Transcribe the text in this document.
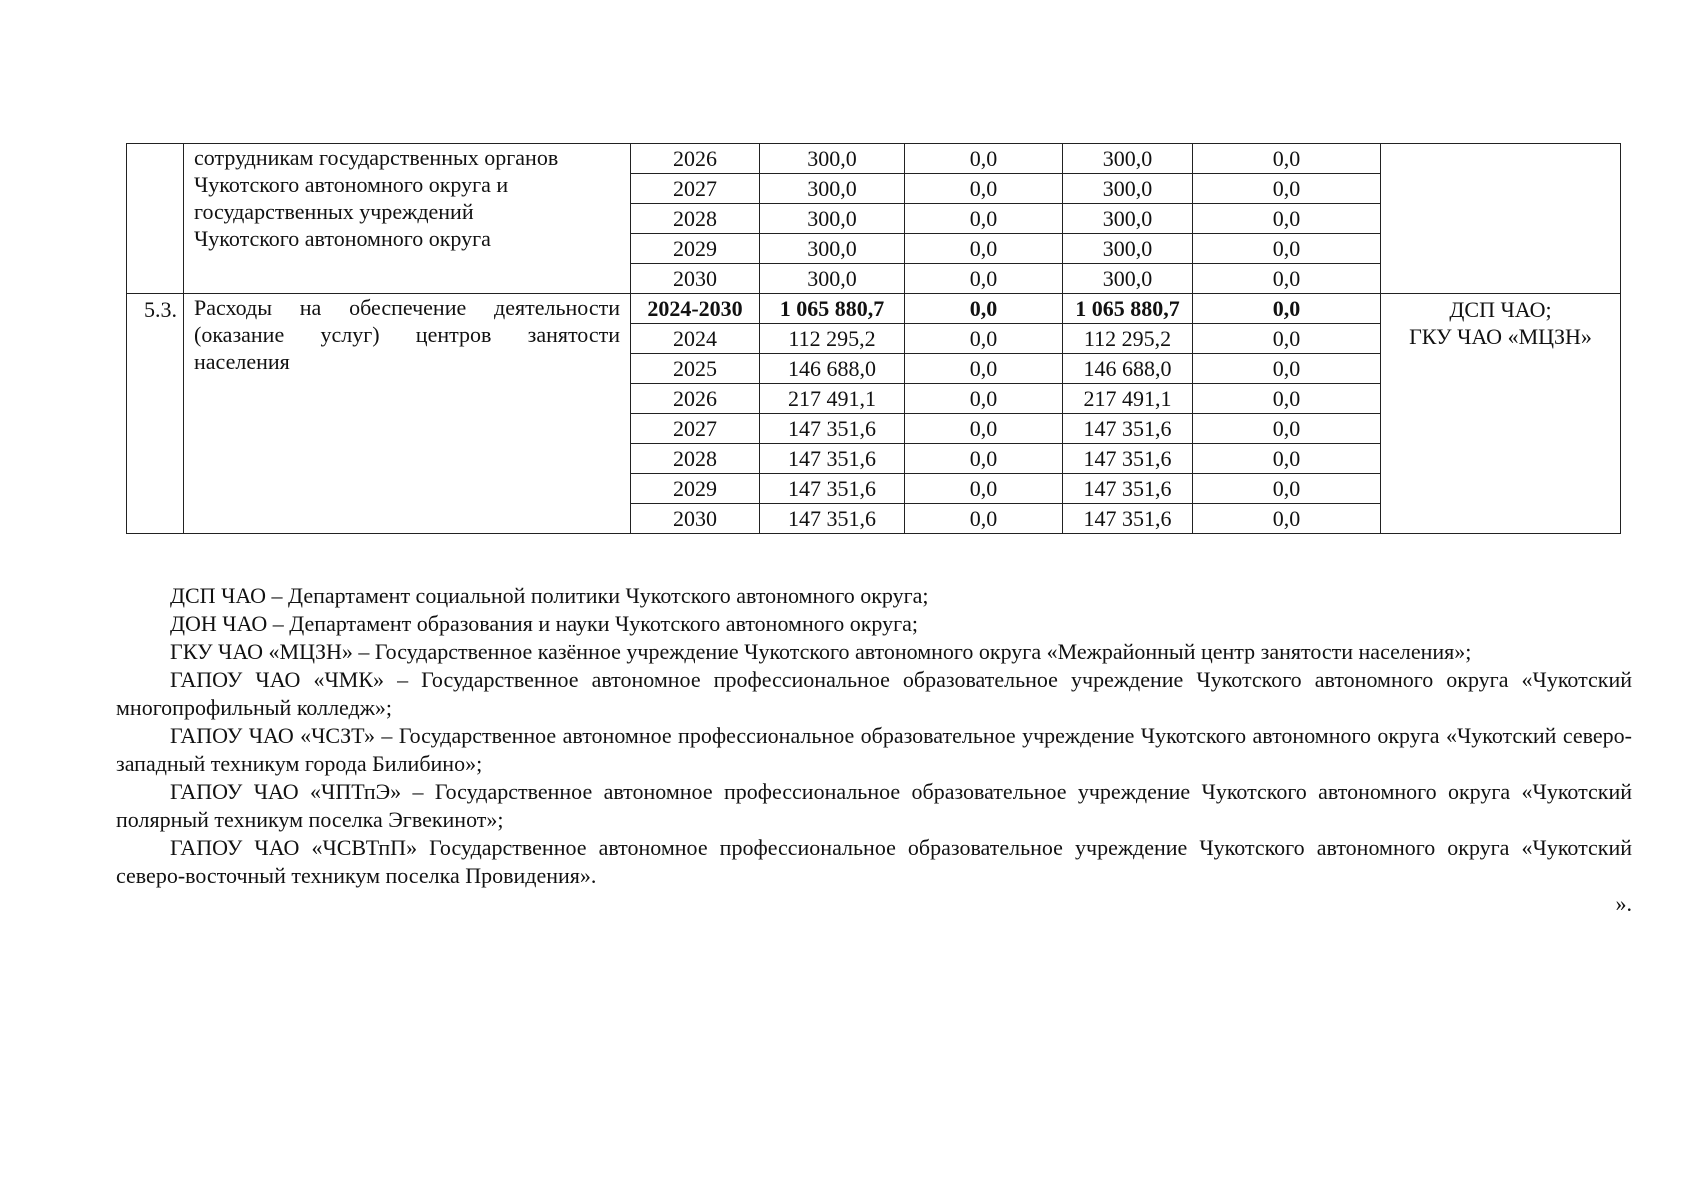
	сотрудникам государственных органов
Чукотского автономного округа и
государственных учреждений
Чукотского автономного округа	2026	300,0	0,0	300,0	0,0	
		2027	300,0	0,0	300,0	0,0	
		2028	300,0	0,0	300,0	0,0	
		2029	300,0	0,0	300,0	0,0	
		2030	300,0	0,0	300,0	0,0	
5.3.	Расходы на обеспечение деятельности (оказание услуг) центров занятости населения	2024-2030	1 065 880,7	0,0	1 065 880,7	0,0	ДСП ЧАО;
ГКУ ЧАО «МЦЗН»

		2024	112 295,2	0,0	112 295,2	0,0	
		2025	146 688,0	0,0	146 688,0	0,0	
		2026	217 491,1	0,0	217 491,1	0,0	
		2027	147 351,6	0,0	147 351,6	0,0	
		2028	147 351,6	0,0	147 351,6	0,0	
		2029	147 351,6	0,0	147 351,6	0,0	
		2030	147 351,6	0,0	147 351,6	0,0	

ДСП ЧАО – Департамент социальной политики Чукотского автономного округа;

ДОН ЧАО – Департамент образования и науки Чукотского автономного округа;

ГКУ ЧАО «МЦЗН» – Государственное казённое учреждение Чукотского автономного округа «Межрайонный центр занятости населения»;

ГАПОУ ЧАО «ЧМК» – Государственное автономное профессиональное образовательное учреждение Чукотского автономного округа «Чукотский многопрофильный колледж»;

ГАПОУ ЧАО «ЧСЗТ» – Государственное автономное профессиональное образовательное учреждение Чукотского автономного округа «Чукотский северо-западный техникум города Билибино»;

ГАПОУ ЧАО «ЧПТпЭ» – Государственное автономное профессиональное образовательное учреждение Чукотского автономного округа «Чукотский полярный техникум поселка Эгвекинот»;

ГАПОУ ЧАО «ЧСВТпП» Государственное автономное профессиональное образовательное учреждение Чукотского автономного округа «Чукотский северо-восточный техникум поселка Провидения».

».
